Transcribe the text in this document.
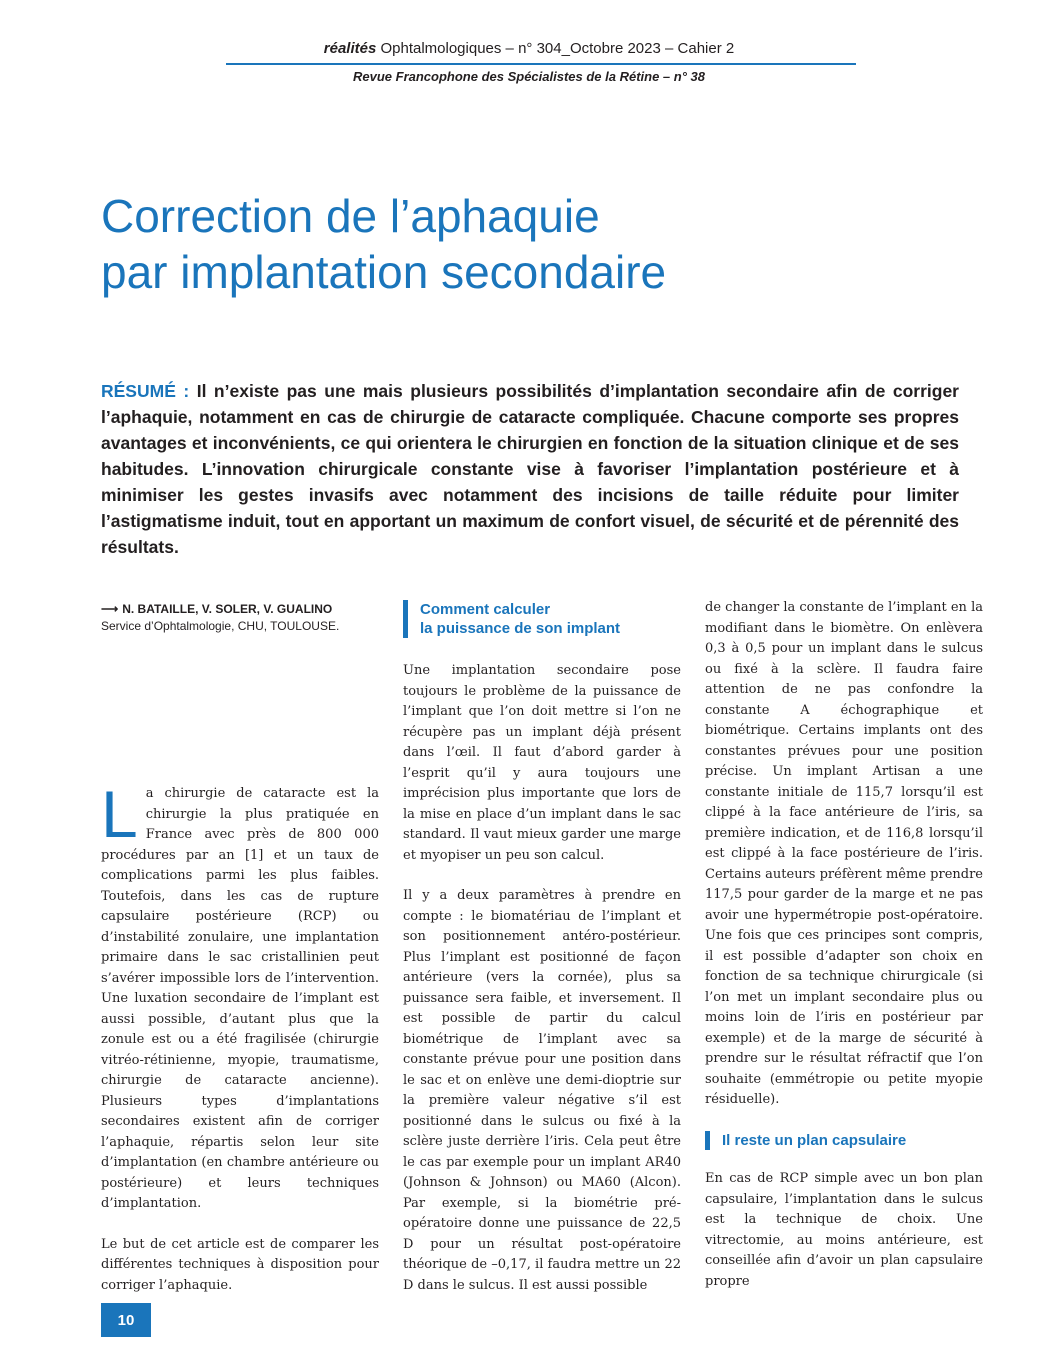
réalités Ophtalmologiques – n° 304_Octobre 2023 – Cahier 2
Revue Francophone des Spécialistes de la Rétine – n° 38
Correction de l’aphaquie
par implantation secondaire
RÉSUMÉ : Il n’existe pas une mais plusieurs possibilités d’implantation secondaire afin de corriger l’aphaquie, notamment en cas de chirurgie de cataracte compliquée. Chacune comporte ses propres avantages et inconvénients, ce qui orientera le chirurgien en fonction de la situation clinique et de ses habitudes. L’innovation chirurgicale constante vise à favoriser l’implantation postérieure et à minimiser les gestes invasifs avec notamment des incisions de taille réduite pour limiter l’astigmatisme induit, tout en apportant un maximum de confort visuel, de sécurité et de pérennité des résultats.
⟶ N. BATAILLE, V. SOLER, V. GUALINO
Service d’Ophtalmologie, CHU, TOULOUSE.
L a chirurgie de cataracte est la chirurgie la plus pratiquée en France avec près de 800 000 procédures par an [1] et un taux de complications parmi les plus faibles. Toutefois, dans les cas de rupture capsulaire postérieure (RCP) ou d’instabilité zonulaire, une implantation primaire dans le sac cristallinien peut s’avérer impossible lors de l’intervention. Une luxation secondaire de l’implant est aussi possible, d’autant plus que la zonule est ou a été fragilisée (chirurgie vitréo-rétinienne, myopie, traumatisme, chirurgie de cataracte ancienne). Plusieurs types d’implantations secondaires existent afin de corriger l’aphaquie, répartis selon leur site d’implantation (en chambre antérieure ou postérieure) et leurs techniques d’implantation.

Le but de cet article est de comparer les différentes techniques à disposition pour corriger l’aphaquie.

Comment calculer
la puissance de son implant

Une implantation secondaire pose toujours le problème de la puissance de l’implant que l’on doit mettre si l’on ne récupère pas un implant déjà présent dans l’œil. Il faut d’abord garder à l’esprit qu’il y aura toujours une imprécision plus importante que lors de la mise en place d’un implant dans le sac standard. Il vaut mieux garder une marge et myopiser un peu son calcul.

Il y a deux paramètres à prendre en compte : le biomatériau de l’implant et son positionnement antéro-postérieur. Plus l’implant est positionné de façon antérieure (vers la cornée), plus sa puissance sera faible, et inversement. Il est possible de partir du calcul biométrique de l’implant avec sa constante prévue pour une position dans le sac et on enlève une demi-dioptrie sur la première valeur négative s’il est positionné dans le sulcus ou fixé à la sclère juste derrière l’iris. Cela peut être le cas par exemple pour un implant AR40 (Johnson & Johnson) ou MA60 (Alcon). Par exemple, si la biométrie pré-opératoire donne une puissance de 22,5 D pour un résultat post-opératoire théorique de –0,17, il faudra mettre un 22 D dans le sulcus. Il est aussi possible

de changer la constante de l’implant en la modifiant dans le biomètre. On enlèvera 0,3 à 0,5 pour un implant dans le sulcus ou fixé à la sclère. Il faudra faire attention de ne pas confondre la constante A échographique et biométrique. Certains implants ont des constantes prévues pour une position précise. Un implant Artisan a une constante initiale de 115,7 lorsqu’il est clippé à la face antérieure de l’iris, sa première indication, et de 116,8 lorsqu’il est clippé à la face postérieure de l’iris. Certains auteurs préfèrent même prendre 117,5 pour garder de la marge et ne pas avoir une hypermétropie post-opératoire. Une fois que ces principes sont compris, il est possible d’adapter son choix en fonction de sa technique chirurgicale (si l’on met un implant secondaire plus ou moins loin de l’iris en postérieur par exemple) et de la marge de sécurité à prendre sur le résultat réfractif que l’on souhaite (emmétropie ou petite myopie résiduelle).

Il reste un plan capsulaire

En cas de RCP simple avec un bon plan capsulaire, l’implantation dans le sulcus est la technique de choix. Une vitrectomie, au moins antérieure, est conseillée afin d’avoir un plan capsulaire propre

10
